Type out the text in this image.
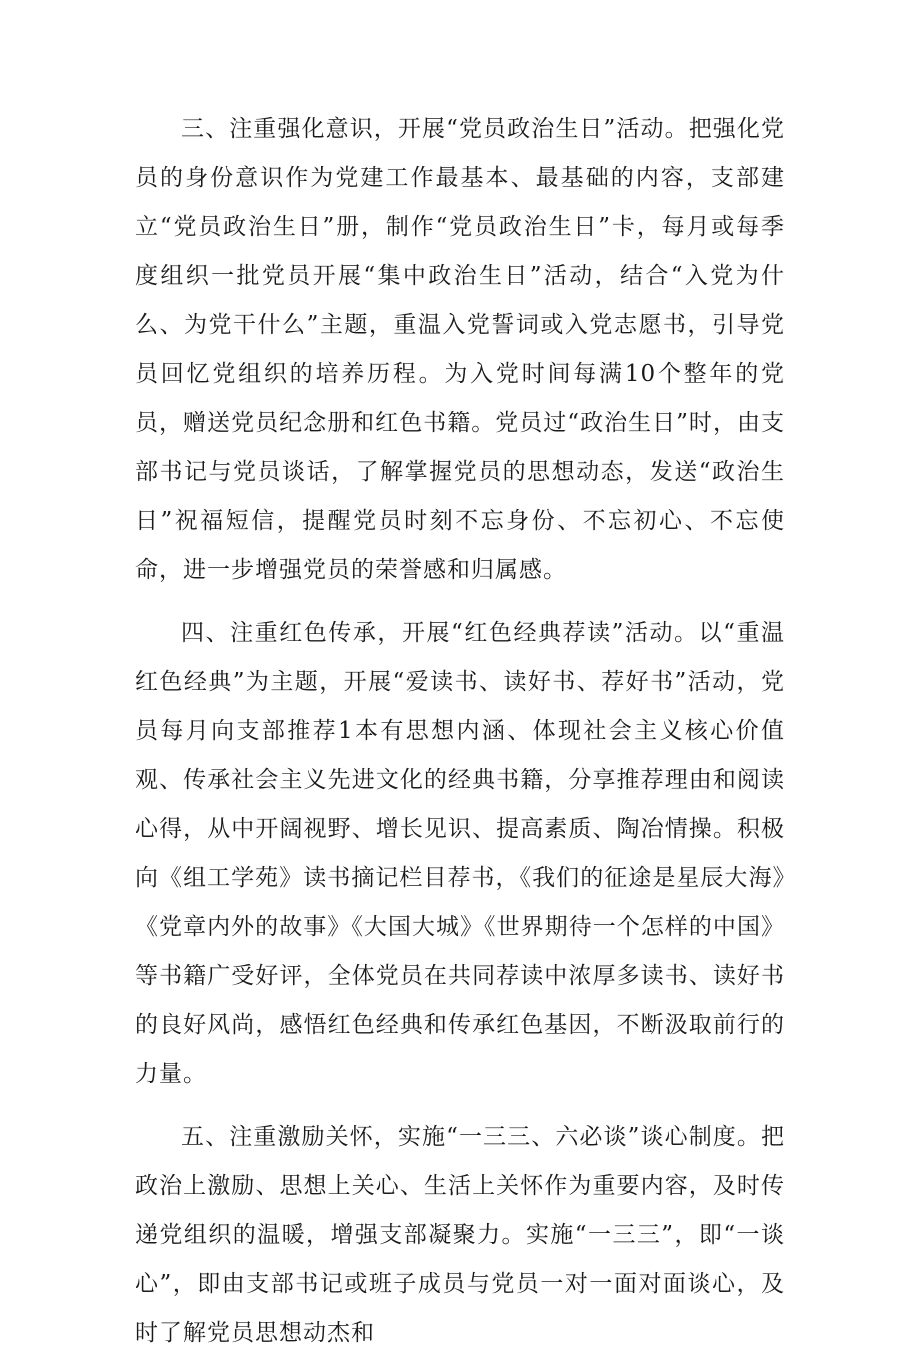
三、注重强化意识，开展“党员政治生日”活动。把强化党员的身份意识作为党建工作最基本、最基础的内容，支部建立“党员政治生日”册，制作“党员政治生日”卡，每月或每季度组织一批党员开展“集中政治生日”活动，结合“入党为什么、为党干什么”主题，重温入党誓词或入党志愿书，引导党员回忆党组织的培养历程。为入党时间每满10个整年的党员，赠送党员纪念册和红色书籍。党员过“政治生日”时，由支部书记与党员谈话，了解掌握党员的思想动态，发送“政治生日”祝福短信，提醒党员时刻不忘身份、不忘初心、不忘使命，进一步增强党员的荣誉感和归属感。

四、注重红色传承，开展“红色经典荐读”活动。以“重温红色经典”为主题，开展“爱读书、读好书、荐好书”活动，党员每月向支部推荐1本有思想内涵、体现社会主义核心价值观、传承社会主义先进文化的经典书籍，分享推荐理由和阅读心得，从中开阔视野、增长见识、提高素质、陶冶情操。积极向《组工学苑》读书摘记栏目荐书，《我们的征途是星辰大海》《党章内外的故事》《大国大城》《世界期待一个怎样的中国》等书籍广受好评，全体党员在共同荐读中浓厚多读书、读好书的良好风尚，感悟红色经典和传承红色基因，不断汲取前行的力量。

五、注重激励关怀，实施“一三三、六必谈”谈心制度。把政治上激励、思想上关心、生活上关怀作为重要内容，及时传递党组织的温暖，增强支部凝聚力。实施“一三三”，即“一谈心”，即由支部书记或班子成员与党员一对一面对面谈心，及时了解党员思想动杰和
